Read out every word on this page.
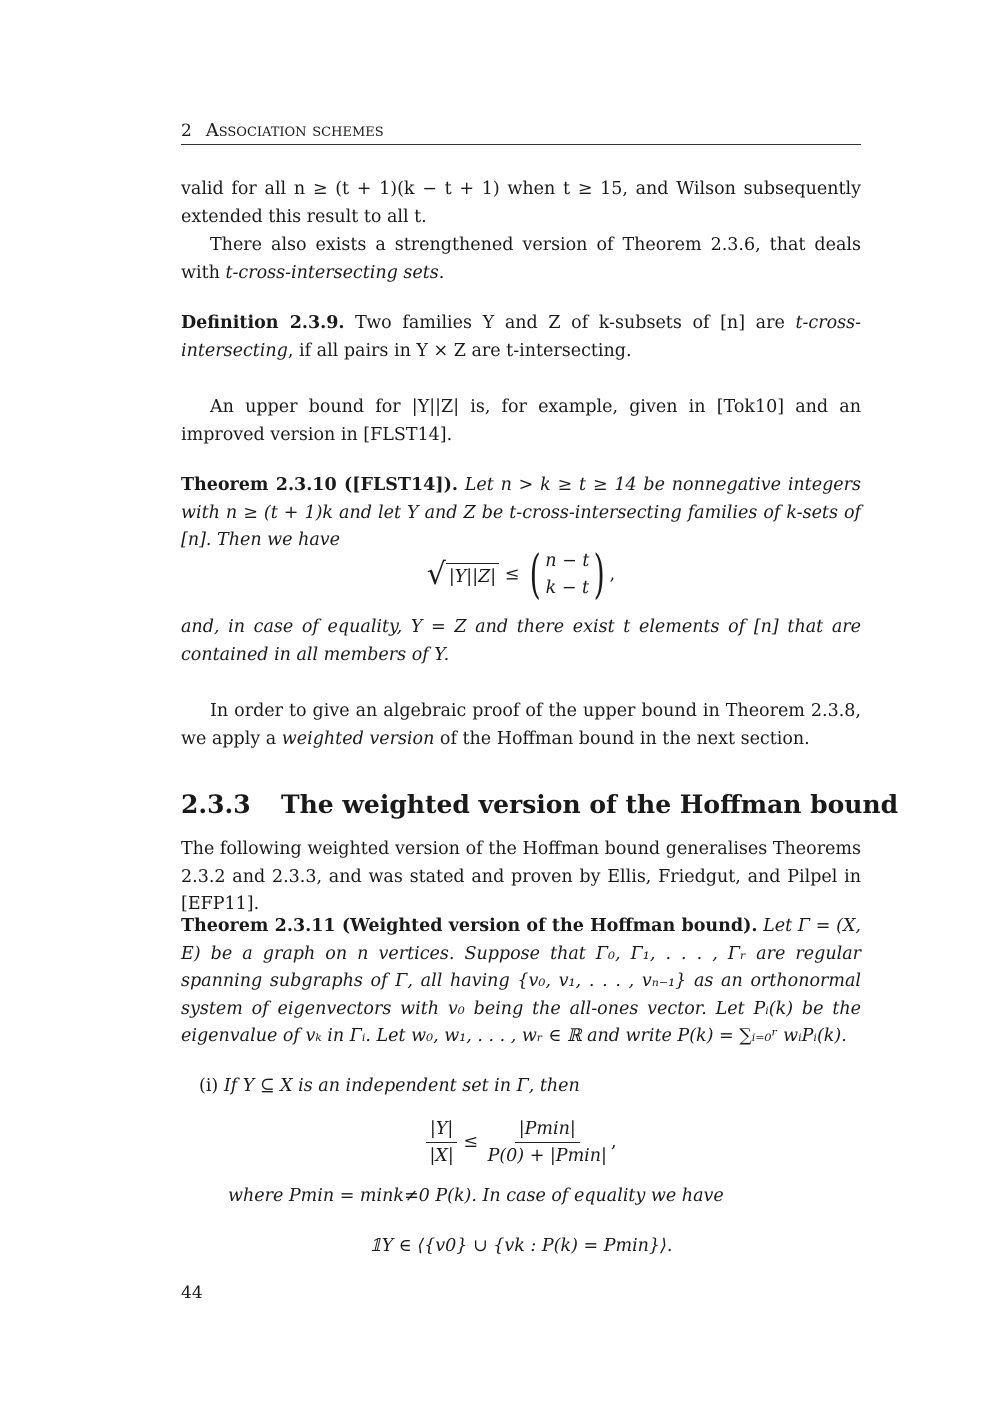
2 Association schemes
valid for all n ≥ (t + 1)(k − t + 1) when t ≥ 15, and Wilson subsequently extended this result to all t.
There also exists a strengthened version of Theorem 2.3.6, that deals with t-cross-intersecting sets.
Definition 2.3.9. Two families Y and Z of k-subsets of [n] are t-cross-intersecting, if all pairs in Y × Z are t-intersecting.
An upper bound for |Y||Z| is, for example, given in [Tok10] and an improved version in [FLST14].
Theorem 2.3.10 ([FLST14]). Let n > k ≥ t ≥ 14 be nonnegative integers with n ≥ (t + 1)k and let Y and Z be t-cross-intersecting families of k-sets of [n]. Then we have
√ |Y||Z| ≤ ( n − t
k − t ) ,
and, in case of equality, Y = Z and there exist t elements of [n] that are contained in all members of Y.
In order to give an algebraic proof of the upper bound in Theorem 2.3.8, we apply a weighted version of the Hoffman bound in the next section.
2.3.3 The weighted version of the Hoffman bound
The following weighted version of the Hoffman bound generalises Theorems 2.3.2 and 2.3.3, and was stated and proven by Ellis, Friedgut, and Pilpel in [EFP11].
Theorem 2.3.11 (Weighted version of the Hoffman bound). Let Γ = (X, E) be a graph on n vertices. Suppose that Γ₀, Γ₁, . . . , Γᵣ are regular spanning subgraphs of Γ, all having {v₀, v₁, . . . , vₙ₋₁} as an orthonormal system of eigenvectors with v₀ being the all-ones vector. Let Pᵢ(k) be the eigenvalue of vₖ in Γᵢ. Let w₀, w₁, . . . , wᵣ ∈ ℝ and write P(k) = ∑ᵢ₌₀ʳ wᵢPᵢ(k).
(i) If Y ⊆ X is an independent set in Γ, then
$\frac{|Y|}{|X|} \le \frac{|Pmin|}{P(0) + |Pmin|}$ ,
where Pmin = mink≠0 P(k). In case of equality we have
𝟙Y ∈ ⟨{v0} ∪ {vk : P(k) = Pmin}⟩.
44
